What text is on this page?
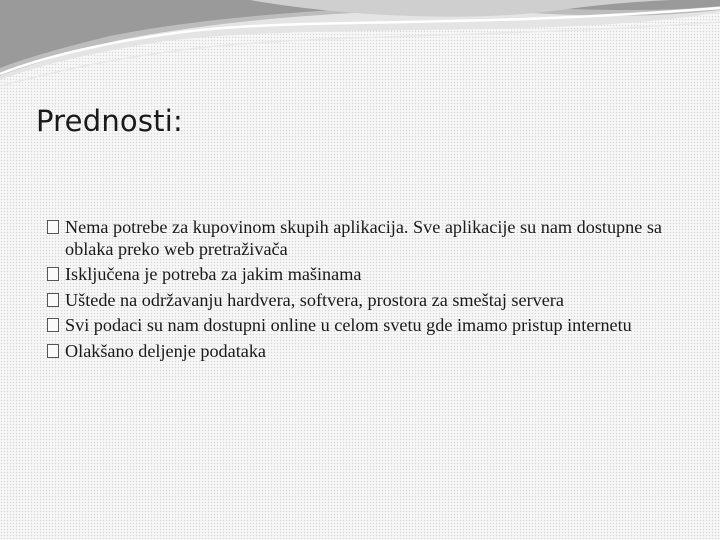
Prednosti:
Nema potrebe za kupovinom skupih aplikacija. Sve aplikacije su nam dostupne sa oblaka preko web pretraživača
Isključena je potreba za jakim mašinama
Uštede na održavanju hardvera, softvera, prostora za smeštaj servera
Svi podaci su nam dostupni online u celom svetu gde imamo pristup internetu
Olakšano deljenje podataka
